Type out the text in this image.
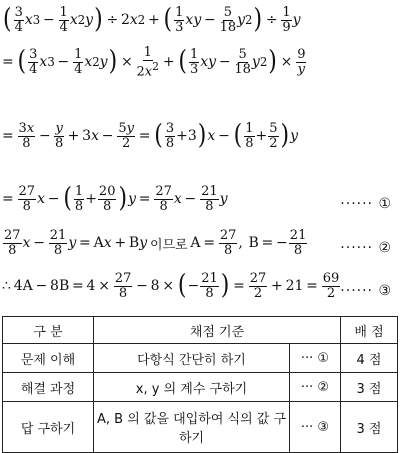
( $\frac{3}{4}$ x $3 - \frac{1}{4}$ x 2 y )  ÷ 2 x 2  +  ( $\frac{1}{3}$ xy  −  $\frac{5}{18}$ y 2 )  ÷  $\frac{1}{9}$ y
=  ( $\frac{3}{4}$ x $3 - \frac{1}{4}$ x 2 y )  ×  $\frac{1}{2x^2}$  +  ( $\frac{1}{3}$ xy  −  $\frac{5}{18}$ y 2 )  ×  $\frac{9}{y}$
=  $\frac{3x}{8} - \frac{y}{8} + 3$ $x - \frac{5y}{2}$  =  ( $\frac{3}{8} +3$ ) x  −  ( $\frac{1}{8} + \frac{5}{2}$ ) y
=  $\frac{27}{8}$ x  −  ( $\frac{1}{8} + \frac{20}{8}$ ) $y = \frac{27}{8}$ $x - \frac{21}{8}$ y	······ ①
$\frac{27}{8}$ $x - \frac{21}{8}$ y  = A x  + B y
  이므로  $A = \frac{27}{8}$ ,  B = − $\frac{21}{8}$ ······ ②
∴ $4A - 8B = 4 \times \frac{27}{8} - 8$ ×  ( − $\frac{21}{8}$ )  =  $\frac{27}{2} + 21 = \frac{69}{2}$ ······ ③
구 분	채점 기준		배 점
문제 이해	다항식 간단히 하기	··· ①	4 점
해결 과정	x, y 의 계수 구하기	··· ②	3 점
답 구하기	A, B 의 값을 대입하여 식의 값 구하기	··· ③	3 점
